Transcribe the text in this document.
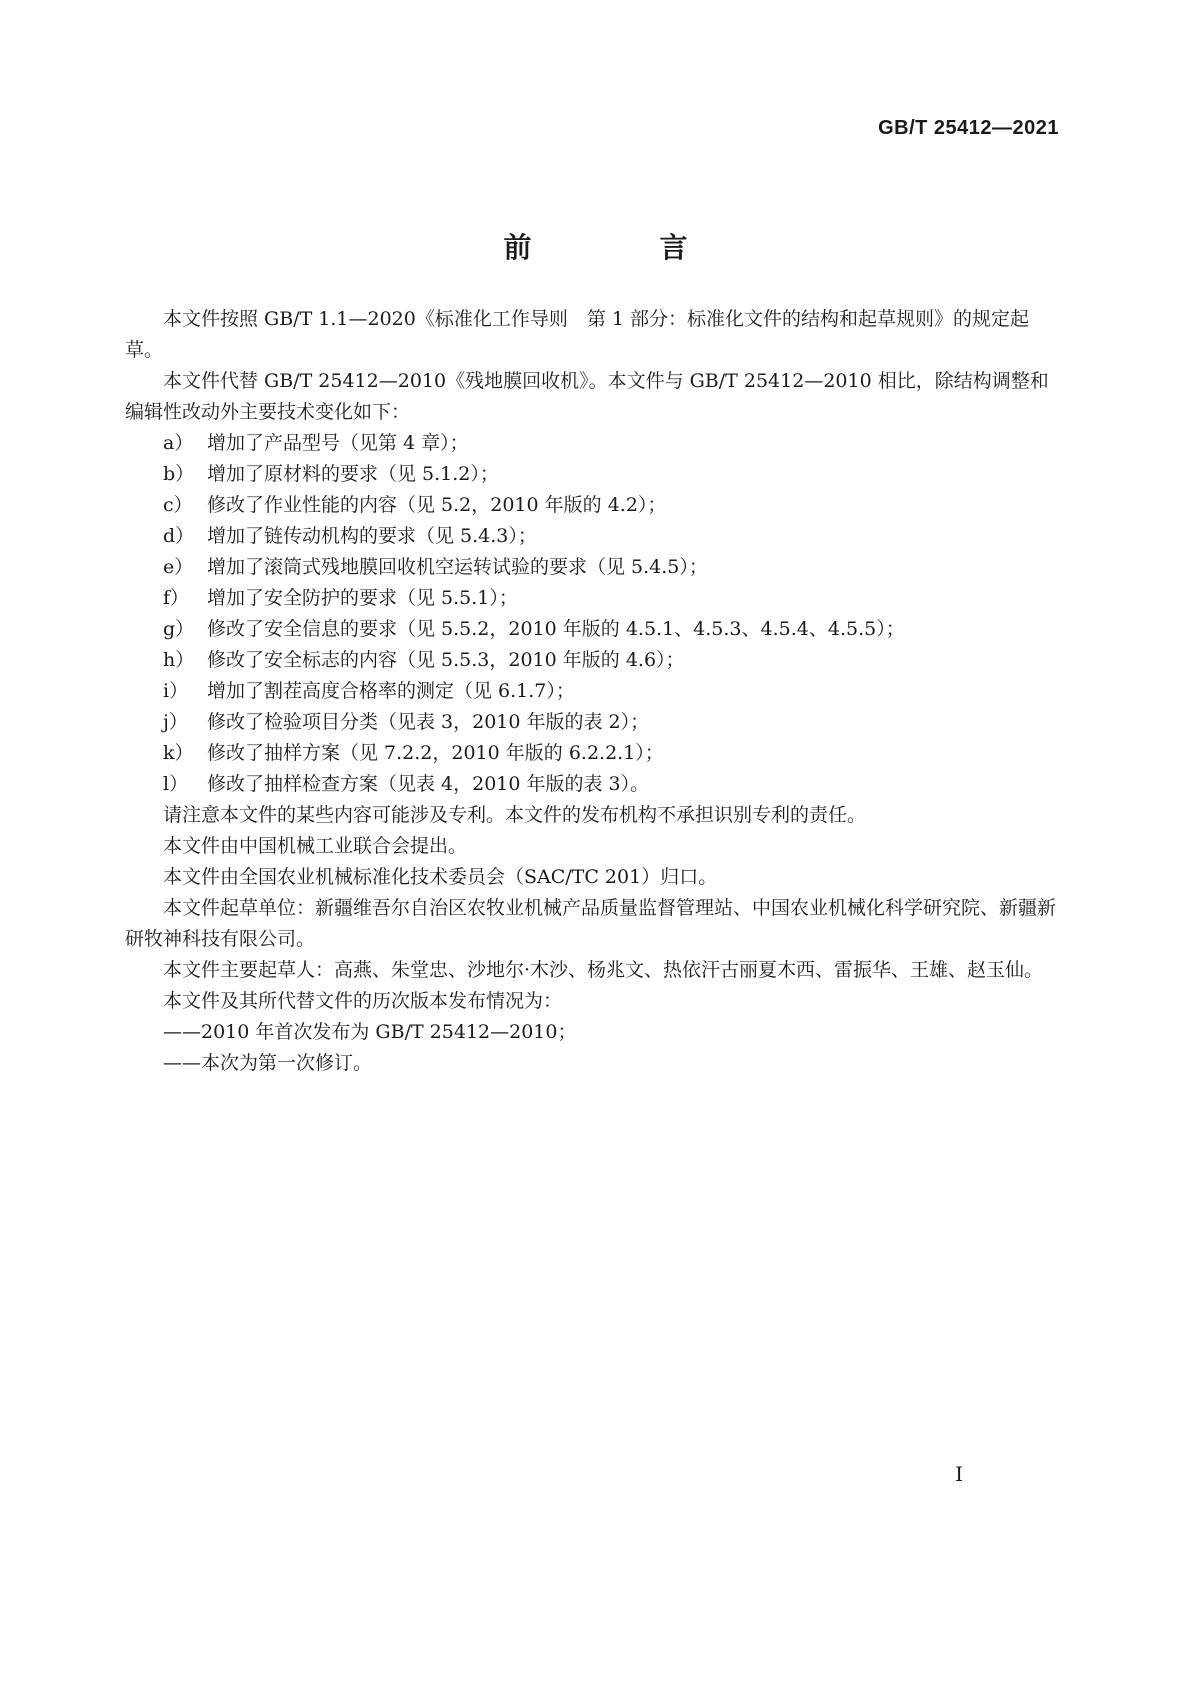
GB/T 25412—2021
前　言

本文件按照 GB/T 1.1—2020《标准化工作导则　第 1 部分：标准化文件的结构和起草规则》的规定起草。

本文件代替 GB/T 25412—2010《残地膜回收机》。本文件与 GB/T 25412—2010 相比，除结构调整和编辑性改动外主要技术变化如下：

a） 增加了产品型号（见第 4 章）；

b） 增加了原材料的要求（见 5.1.2）；

c） 修改了作业性能的内容（见 5.2，2010 年版的 4.2）；

d） 增加了链传动机构的要求（见 5.4.3）；

e） 增加了滚筒式残地膜回收机空运转试验的要求（见 5.4.5）；

f） 增加了安全防护的要求（见 5.5.1）；

g） 修改了安全信息的要求（见 5.5.2，2010 年版的 4.5.1、4.5.3、4.5.4、4.5.5）；

h） 修改了安全标志的内容（见 5.5.3，2010 年版的 4.6）；

i） 增加了割茬高度合格率的测定（见 6.1.7）；

j） 修改了检验项目分类（见表 3，2010 年版的表 2）；

k） 修改了抽样方案（见 7.2.2，2010 年版的 6.2.2.1）；

l） 修改了抽样检查方案（见表 4，2010 年版的表 3）。

请注意本文件的某些内容可能涉及专利。本文件的发布机构不承担识别专利的责任。

本文件由中国机械工业联合会提出。

本文件由全国农业机械标准化技术委员会（SAC/TC 201）归口。

本文件起草单位：新疆维吾尔自治区农牧业机械产品质量监督管理站、中国农业机械化科学研究院、新疆新研牧神科技有限公司。

本文件主要起草人：高燕、朱堂忠、沙地尔·木沙、杨兆文、热依汗古丽夏木西、雷振华、王雄、赵玉仙。

本文件及其所代替文件的历次版本发布情况为：

——2010 年首次发布为 GB/T 25412—2010；

——本次为第一次修订。

I
